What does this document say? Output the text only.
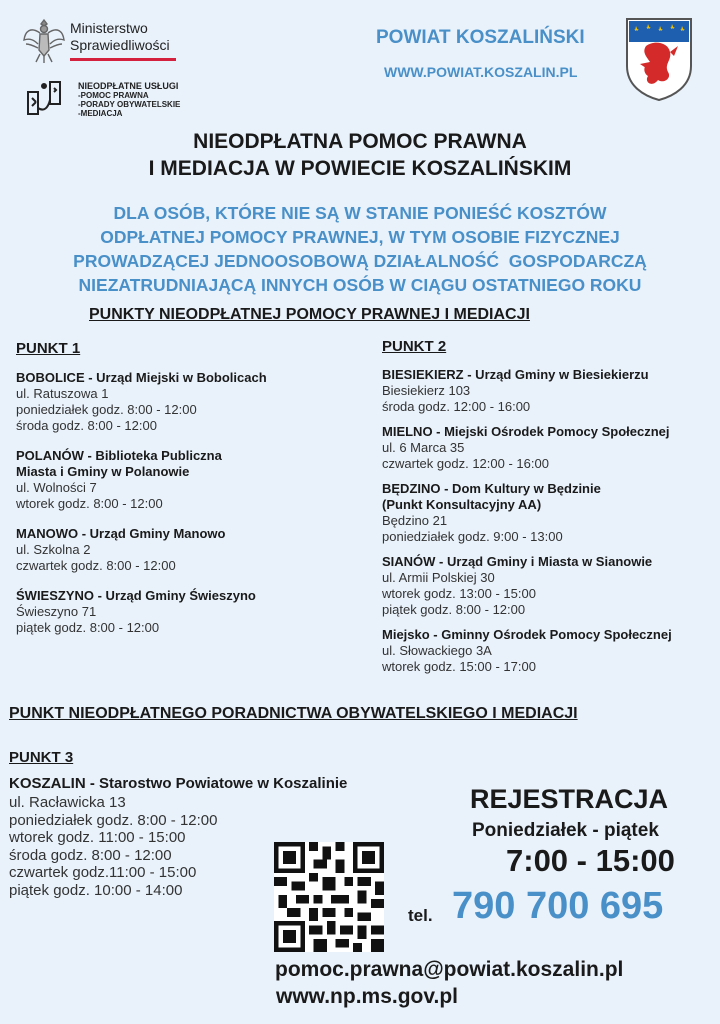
Ministerstwo
Sprawiedliwości
NIEODPŁATNE USŁUGI
-POMOC PRAWNA
-PORADY OBYWATELSKIE
-MEDIACJA
POWIAT KOSZALIŃSKI
WWW.POWIAT.KOSZALIN.PL
NIEODPŁATNA POMOC PRAWNA
I MEDIACJA W POWIECIE KOSZALIŃSKIM
DLA OSÓB, KTÓRE NIE SĄ W STANIE PONIEŚĆ KOSZTÓW
ODPŁATNEJ POMOCY PRAWNEJ, W TYM OSOBIE FIZYCZNEJ
PROWADZĄCEJ JEDNOOSOBOWĄ DZIAŁALNOŚĆ  GOSPODARCZĄ
NIEZATRUDNIAJĄCĄ INNYCH OSÓB W CIĄGU OSTATNIEGO ROKU
PUNKTY NIEODPŁATNEJ POMOCY PRAWNEJ I MEDIACJI
PUNKT 1
BOBOLICE - Urząd Miejski w Bobolicach
ul. Ratuszowa 1
poniedziałek godz. 8:00 - 12:00
środa godz. 8:00 - 12:00
POLANÓW - Biblioteka Publiczna
Miasta i Gminy w Polanowie
ul. Wolności 7
wtorek godz. 8:00 - 12:00
MANOWO - Urząd Gminy Manowo
ul. Szkolna 2
czwartek godz. 8:00 - 12:00
ŚWIESZYNO - Urząd Gminy Świeszyno
Świeszyno 71
piątek godz. 8:00 - 12:00
PUNKT 2
BIESIEKIERZ - Urząd Gminy w Biesiekierzu
Biesiekierz 103
środa godz. 12:00 - 16:00
MIELNO - Miejski Ośrodek Pomocy Społecznej
ul. 6 Marca 35
czwartek godz. 12:00 - 16:00
BĘDZINO - Dom Kultury w Będzinie
(Punkt Konsultacyjny AA)
Będzino 21
poniedziałek godz. 9:00 - 13:00
SIANÓW - Urząd Gminy i Miasta w Sianowie
ul. Armii Polskiej 30
wtorek godz. 13:00 - 15:00
piątek godz. 8:00 - 12:00
Miejsko - Gminny Ośrodek Pomocy Społecznej
ul. Słowackiego 3A
wtorek godz. 15:00 - 17:00
PUNKT NIEODPŁATNEGO PORADNICTWA OBYWATELSKIEGO I MEDIACJI
PUNKT 3
KOSZALIN - Starostwo Powiatowe w Koszalinie
ul. Racławicka 13
poniedziałek godz. 8:00 - 12:00
wtorek godz. 11:00 - 15:00
środa godz. 8:00 - 12:00
czwartek godz.11:00 - 15:00
piątek godz. 10:00 - 14:00
REJESTRACJA
Poniedziałek - piątek
7:00 - 15:00
tel. 790 700 695
pomoc.prawna@powiat.koszalin.pl
www.np.ms.gov.pl
